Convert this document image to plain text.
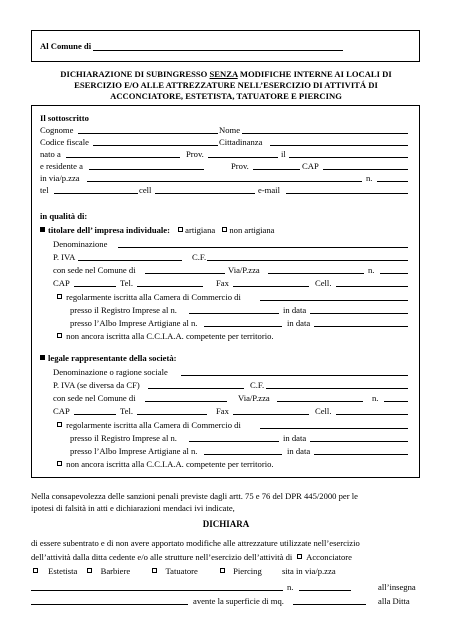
Al Comune di
DICHIARAZIONE DI SUBINGRESSO SENZA MODIFICHE INTERNE AI LOCALI DI
ESERCIZIO E/O ALLE ATTREZZATURE NELL’ESERCIZIO DI ATTIVITÁ DI
ACCONCIATORE, ESTETISTA, TATUATORE E PIERCING
Il sottoscritto
Cognome	Nome
Codice fiscale	Cittadinanza
nato a	Prov.	il
e residente a	Prov.	CAP
in via/p.zza	n.
tel	cell	e-mail
in qualità di:
titolare dell’ impresa individuale: artigiana non artigiana
Denominazione
P. IVA	C.F.
con sede nel Comune di	Via/P.zza	n.
CAP	Tel.	Fax	Cell.
regolarmente iscritta alla Camera di Commercio di
presso il Registro Imprese al n.	in data
presso l’Albo Imprese Artigiane al n.	in data
non ancora iscritta alla C.C.I.A.A. competente per territorio.
legale rappresentante della società:
Denominazione o ragione sociale
P. IVA (se diversa da CF)	C.F.
con sede nel Comune di	Via/P.zza	n.
CAP	Tel.	Fax	Cell.
regolarmente iscritta alla Camera di Commercio di
presso il Registro Imprese al n.	in data
presso l’Albo Imprese Artigiane al n.	in data
non ancora iscritta alla C.C.I.A.A. competente per territorio.
Nella consapevolezza delle sanzioni penali previste dagli artt. 75 e 76 del DPR 445/2000 per le
ipotesi di falsità in atti e dichiarazioni mendaci ivi indicate,
DICHIARA
di essere subentrato e di non avere apportato modifiche alle attrezzature utilizzate nell’esercizio
dell’attività dalla ditta cedente e/o alle strutture nell’esercizio dell’attività di Acconciatore
Estetista	Barbiere	Tatuatore	Piercing sita in via/p.zza
n.	all’insegna
avente la superficie di mq.	alla Ditta
